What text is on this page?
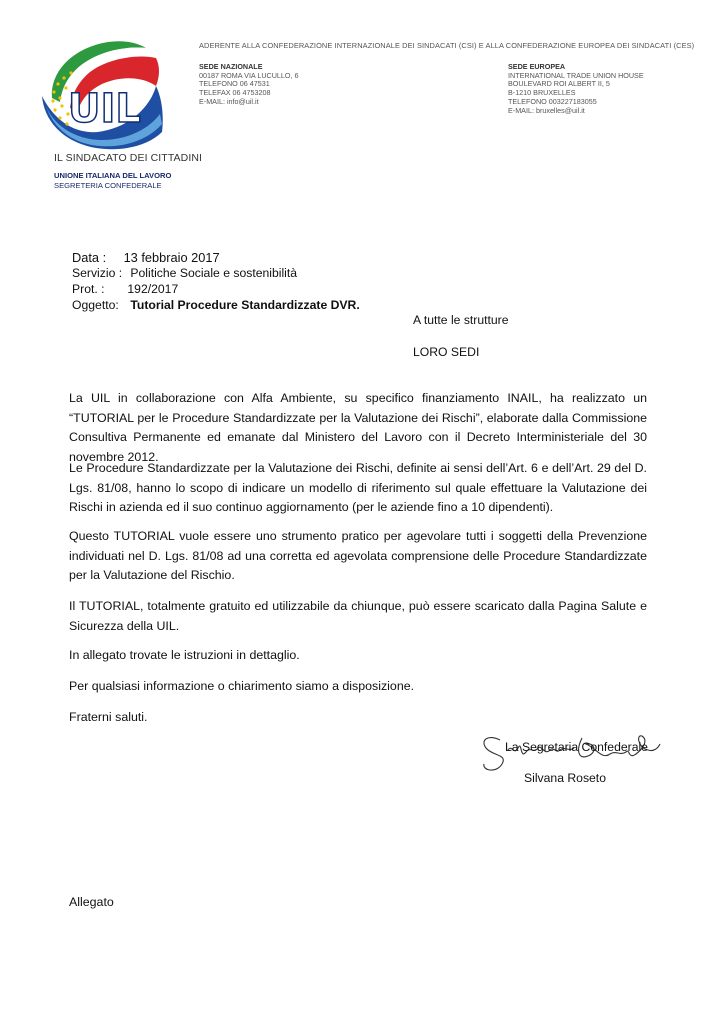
UIL
IL SINDACATO DEI CITTADINI
UNIONE ITALIANA DEL LAVORO
SEGRETERIA CONFEDERALE
ADERENTE ALLA CONFEDERAZIONE INTERNAZIONALE DEI SINDACATI (CSI) E ALLA CONFEDERAZIONE EUROPEA DEI SINDACATI (CES)
SEDE NAZIONALE
00187 ROMA VIA LUCULLO, 6
TELEFONO 06 47531
TELEFAX 06 4753208
E-MAIL: info@uil.it
SEDE EUROPEA
INTERNATIONAL TRADE UNION HOUSE
BOULEVARD ROI ALBERT II, 5
B-1210 BRUXELLES
TELEFONO 003227183055
E-MAIL: bruxelles@uil.it
Data : 13 febbraio 2017
Servizio : Politiche Sociale e sostenibilità
Prot. : 192/2017
Oggetto: Tutorial Procedure Standardizzate DVR.
A tutte le strutture
LORO SEDI

La UIL in collaborazione con Alfa Ambiente, su specifico finanziamento INAIL, ha realizzato un “TUTORIAL per le Procedure Standardizzate per la Valutazione dei Rischi”, elaborate dalla Commissione Consultiva Permanente ed emanate dal Ministero del Lavoro con il Decreto Interministeriale del 30 novembre 2012.

Le Procedure Standardizzate per la Valutazione dei Rischi, definite ai sensi dell’Art. 6 e dell’Art. 29 del D. Lgs. 81/08, hanno lo scopo di indicare un modello di riferimento sul quale effettuare la Valutazione dei Rischi in azienda ed il suo continuo aggiornamento (per le aziende fino a 10 dipendenti).

Questo TUTORIAL vuole essere uno strumento pratico per agevolare tutti i soggetti della Prevenzione individuati nel D. Lgs. 81/08 ad una corretta ed agevolata comprensione delle Procedure Standardizzate per la Valutazione del Rischio.

Il TUTORIAL, totalmente gratuito ed utilizzabile da chiunque, può essere scaricato dalla Pagina Salute e Sicurezza della UIL.

In allegato trovate le istruzioni in dettaglio.

Per qualsiasi informazione o chiarimento siamo a disposizione.

Fraterni saluti.

La Segretaria Confederale
Silvana Roseto
Allegato
